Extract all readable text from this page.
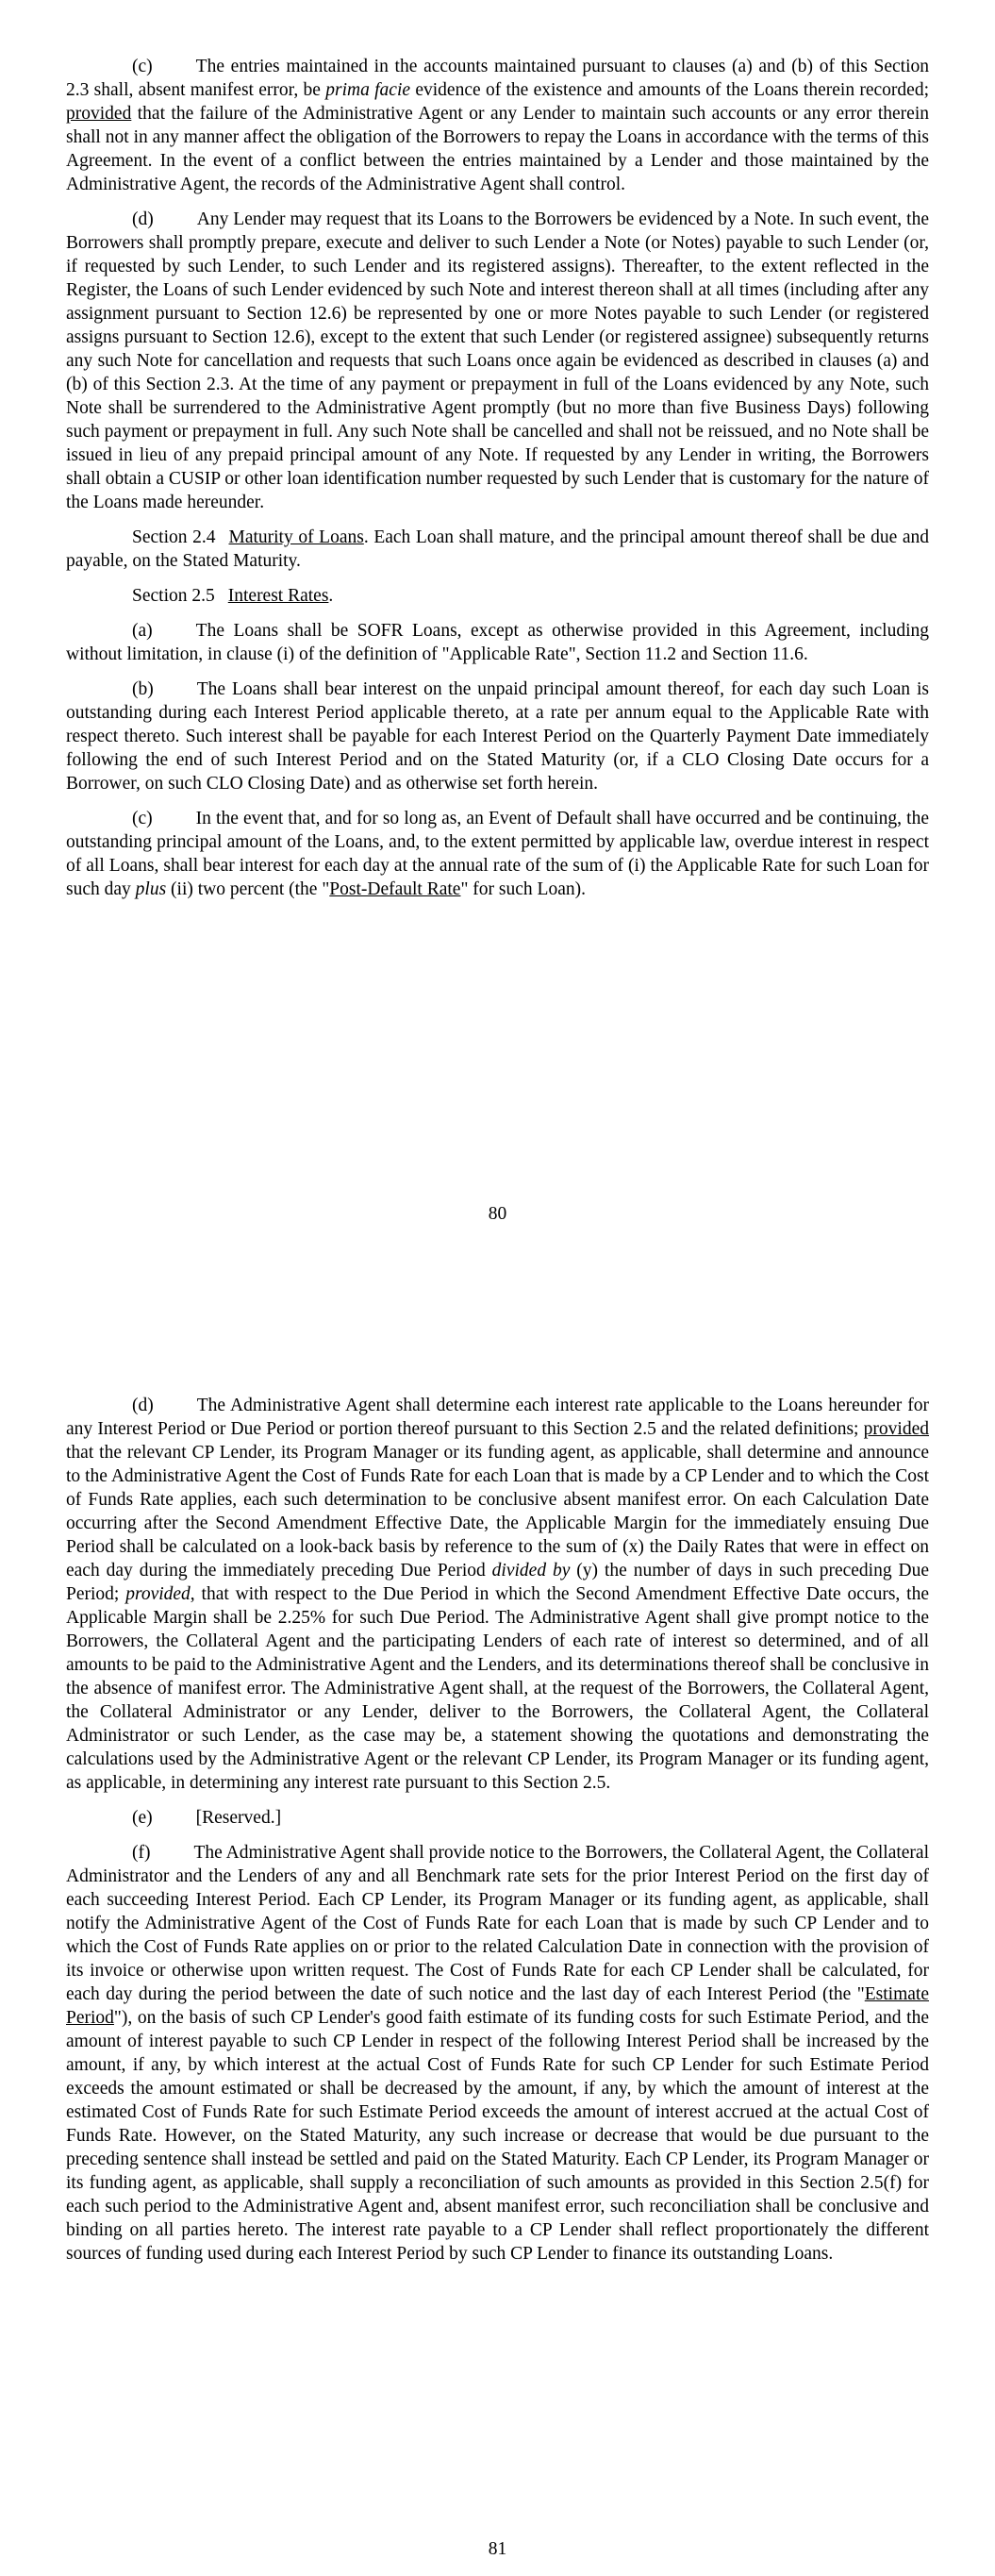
(c) The entries maintained in the accounts maintained pursuant to clauses (a) and (b) of this Section 2.3 shall, absent manifest error, be prima facie evidence of the existence and amounts of the Loans therein recorded; provided that the failure of the Administrative Agent or any Lender to maintain such accounts or any error therein shall not in any manner affect the obligation of the Borrowers to repay the Loans in accordance with the terms of this Agreement. In the event of a conflict between the entries maintained by a Lender and those maintained by the Administrative Agent, the records of the Administrative Agent shall control.

(d) Any Lender may request that its Loans to the Borrowers be evidenced by a Note. In such event, the Borrowers shall promptly prepare, execute and deliver to such Lender a Note (or Notes) payable to such Lender (or, if requested by such Lender, to such Lender and its registered assigns). Thereafter, to the extent reflected in the Register, the Loans of such Lender evidenced by such Note and interest thereon shall at all times (including after any assignment pursuant to Section 12.6) be represented by one or more Notes payable to such Lender (or registered assigns pursuant to Section 12.6), except to the extent that such Lender (or registered assignee) subsequently returns any such Note for cancellation and requests that such Loans once again be evidenced as described in clauses (a) and (b) of this Section 2.3. At the time of any payment or prepayment in full of the Loans evidenced by any Note, such Note shall be surrendered to the Administrative Agent promptly (but no more than five Business Days) following such payment or prepayment in full. Any such Note shall be cancelled and shall not be reissued, and no Note shall be issued in lieu of any prepaid principal amount of any Note. If requested by any Lender in writing, the Borrowers shall obtain a CUSIP or other loan identification number requested by such Lender that is customary for the nature of the Loans made hereunder.

Section 2.4 Maturity of Loans. Each Loan shall mature, and the principal amount thereof shall be due and payable, on the Stated Maturity.

Section 2.5 Interest Rates.

(a) The Loans shall be SOFR Loans, except as otherwise provided in this Agreement, including without limitation, in clause (i) of the definition of "Applicable Rate", Section 11.2 and Section 11.6.

(b) The Loans shall bear interest on the unpaid principal amount thereof, for each day such Loan is outstanding during each Interest Period applicable thereto, at a rate per annum equal to the Applicable Rate with respect thereto. Such interest shall be payable for each Interest Period on the Quarterly Payment Date immediately following the end of such Interest Period and on the Stated Maturity (or, if a CLO Closing Date occurs for a Borrower, on such CLO Closing Date) and as otherwise set forth herein.

(c) In the event that, and for so long as, an Event of Default shall have occurred and be continuing, the outstanding principal amount of the Loans, and, to the extent permitted by applicable law, overdue interest in respect of all Loans, shall bear interest for each day at the annual rate of the sum of (i) the Applicable Rate for such Loan for such day plus (ii) two percent (the "Post-Default Rate" for such Loan).

80

(d) The Administrative Agent shall determine each interest rate applicable to the Loans hereunder for any Interest Period or Due Period or portion thereof pursuant to this Section 2.5 and the related definitions; provided that the relevant CP Lender, its Program Manager or its funding agent, as applicable, shall determine and announce to the Administrative Agent the Cost of Funds Rate for each Loan that is made by a CP Lender and to which the Cost of Funds Rate applies, each such determination to be conclusive absent manifest error. On each Calculation Date occurring after the Second Amendment Effective Date, the Applicable Margin for the immediately ensuing Due Period shall be calculated on a look-back basis by reference to the sum of (x) the Daily Rates that were in effect on each day during the immediately preceding Due Period divided by (y) the number of days in such preceding Due Period; provided, that with respect to the Due Period in which the Second Amendment Effective Date occurs, the Applicable Margin shall be 2.25% for such Due Period. The Administrative Agent shall give prompt notice to the Borrowers, the Collateral Agent and the participating Lenders of each rate of interest so determined, and of all amounts to be paid to the Administrative Agent and the Lenders, and its determinations thereof shall be conclusive in the absence of manifest error. The Administrative Agent shall, at the request of the Borrowers, the Collateral Agent, the Collateral Administrator or any Lender, deliver to the Borrowers, the Collateral Agent, the Collateral Administrator or such Lender, as the case may be, a statement showing the quotations and demonstrating the calculations used by the Administrative Agent or the relevant CP Lender, its Program Manager or its funding agent, as applicable, in determining any interest rate pursuant to this Section 2.5.

(e) [Reserved.]

(f) The Administrative Agent shall provide notice to the Borrowers, the Collateral Agent, the Collateral Administrator and the Lenders of any and all Benchmark rate sets for the prior Interest Period on the first day of each succeeding Interest Period. Each CP Lender, its Program Manager or its funding agent, as applicable, shall notify the Administrative Agent of the Cost of Funds Rate for each Loan that is made by such CP Lender and to which the Cost of Funds Rate applies on or prior to the related Calculation Date in connection with the provision of its invoice or otherwise upon written request. The Cost of Funds Rate for each CP Lender shall be calculated, for each day during the period between the date of such notice and the last day of each Interest Period (the "Estimate Period"), on the basis of such CP Lender's good faith estimate of its funding costs for such Estimate Period, and the amount of interest payable to such CP Lender in respect of the following Interest Period shall be increased by the amount, if any, by which interest at the actual Cost of Funds Rate for such CP Lender for such Estimate Period exceeds the amount estimated or shall be decreased by the amount, if any, by which the amount of interest at the estimated Cost of Funds Rate for such Estimate Period exceeds the amount of interest accrued at the actual Cost of Funds Rate. However, on the Stated Maturity, any such increase or decrease that would be due pursuant to the preceding sentence shall instead be settled and paid on the Stated Maturity. Each CP Lender, its Program Manager or its funding agent, as applicable, shall supply a reconciliation of such amounts as provided in this Section 2.5(f) for each such period to the Administrative Agent and, absent manifest error, such reconciliation shall be conclusive and binding on all parties hereto. The interest rate payable to a CP Lender shall reflect proportionately the different sources of funding used during each Interest Period by such CP Lender to finance its outstanding Loans.

81
